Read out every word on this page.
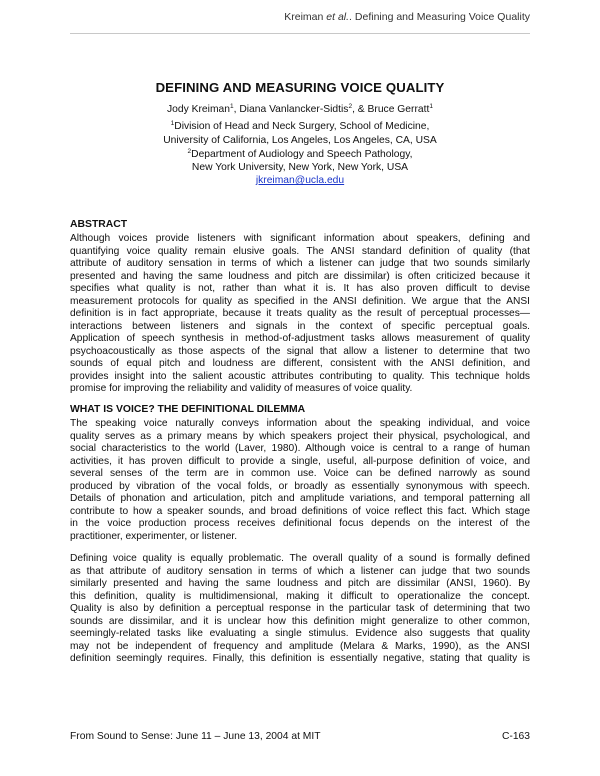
Kreiman et al.. Defining and Measuring Voice Quality
DEFINING AND MEASURING VOICE QUALITY
Jody Kreiman$^1$, Diana Vanlancker-Sidtis$^2$, & Bruce Gerratt$^1$
$^1$Division of Head and Neck Surgery, School of Medicine,
University of California, Los Angeles, Los Angeles, CA, USA
$^2$Department of Audiology and Speech Pathology,
New York University, New York, New York, USA
jkreiman@ucla.edu
ABSTRACT
Although voices provide listeners with significant information about speakers, defining and
quantifying voice quality remain elusive goals. The ANSI standard definition of quality (that
attribute of auditory sensation in terms of which a listener can judge that two sounds similarly
presented and having the same loudness and pitch are dissimilar) is often criticized because it
specifies what quality is not, rather than what it is. It has also proven difficult to devise
measurement protocols for quality as specified in the ANSI definition. We argue that the ANSI
definition is in fact appropriate, because it treats quality as the result of perceptual processes—
interactions between listeners and signals in the context of specific perceptual goals.
Application of speech synthesis in method-of-adjustment tasks allows measurement of quality
psychoacoustically as those aspects of the signal that allow a listener to determine that two
sounds of equal pitch and loudness are different, consistent with the ANSI definition, and
provides insight into the salient acoustic attributes contributing to quality. This technique holds
promise for improving the reliability and validity of measures of voice quality.
WHAT IS VOICE? THE DEFINITIONAL DILEMMA
The speaking voice naturally conveys information about the speaking individual, and voice
quality serves as a primary means by which speakers project their physical, psychological, and
social characteristics to the world (Laver, 1980). Although voice is central to a range of human
activities, it has proven difficult to provide a single, useful, all-purpose definition of voice, and
several senses of the term are in common use. Voice can be defined narrowly as sound
produced by vibration of the vocal folds, or broadly as essentially synonymous with speech.
Details of phonation and articulation, pitch and amplitude variations, and temporal patterning all
contribute to how a speaker sounds, and broad definitions of voice reflect this fact. Which stage
in the voice production process receives definitional focus depends on the interest of the
practitioner, experimenter, or listener.
Defining voice quality is equally problematic. The overall quality of a sound is formally defined
as that attribute of auditory sensation in terms of which a listener can judge that two sounds
similarly presented and having the same loudness and pitch are dissimilar (ANSI, 1960). By
this definition, quality is multidimensional, making it difficult to operationalize the concept.
Quality is also by definition a perceptual response in the particular task of determining that two
sounds are dissimilar, and it is unclear how this definition might generalize to other common,
seemingly-related tasks like evaluating a single stimulus. Evidence also suggests that quality
may not be independent of frequency and amplitude (Melara & Marks, 1990), as the ANSI
definition seemingly requires. Finally, this definition is essentially negative, stating that quality is
From Sound to Sense: June 11 – June 13, 2004 at MIT	C-163
